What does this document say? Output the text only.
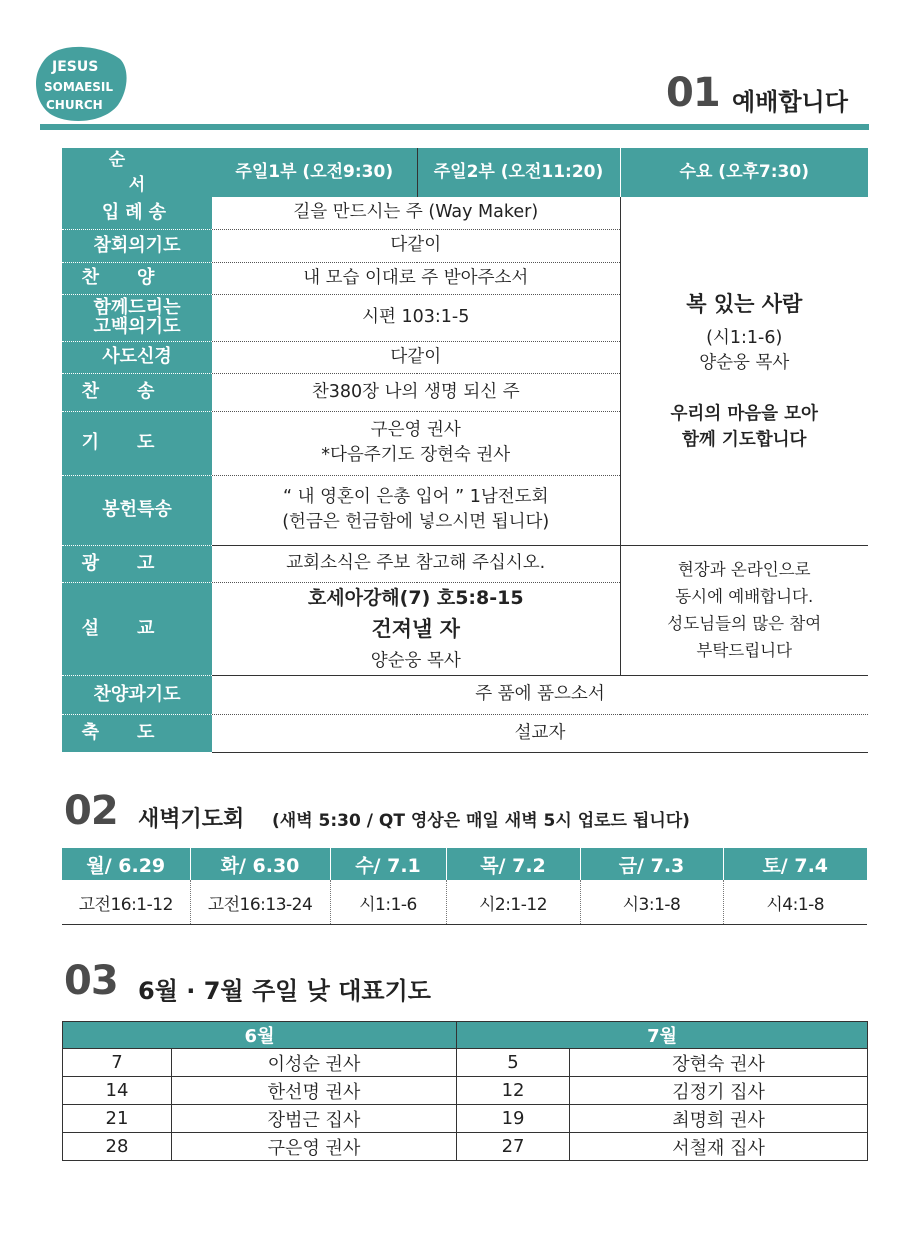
JESUS
SOMAESIL
CHURCH	01 예배합니다
순 서	주일1부 (오전9:30)	주일2부 (오전11:20)	수요 (오후7:30)
입례송	길을 만드시는 주 (Way Maker)		복 있는 사람
(시1:1-6)
양순웅 목사
우리의 마음을 모아
함께 기도합니다

참회의기도	다같이		
찬양	내 모습 이대로 주 받아주소서		

함께드리는
고백의기도	시편 103:1-5		
사도신경	다같이		
찬송	찬380장 나의 생명 되신 주		
기도	구은영 권사
*다음주기도 장현숙 권사		

봉헌특송	“ 내 영혼이 은총 입어 ” 1남전도회
(헌금은 헌금함에 넣으시면 됩니다)		

광고	교회소식은 주보 참고해 주십시오.		현장과 온라인으로
동시에 예배합니다.
성도님들의 많은 참여
부탁드립니다

설교	호세아강해(7) 호5:8-15
건져낼 자
양순웅 목사		

찬양과기도	주 품에 품으소서		
축도	설교자		
02 새벽기도회 (새벽 5:30 / QT 영상은 매일 새벽 5시 업로드 됩니다)
월/ 6.29	화/ 6.30	수/ 7.1	목/ 7.2	금/ 7.3	토/ 7.4
고전16:1-12	고전16:13-24	시1:1-6	시2:1-12	시3:1-8	시4:1-8
03 6월 · 7월 주일 낮 대표기도
6월		7월	
7	이성순 권사	5	장현숙 권사
14	한선명 권사	12	김정기 집사
21	장범근 집사	19	최명희 권사
28	구은영 권사	27	서철재 집사
